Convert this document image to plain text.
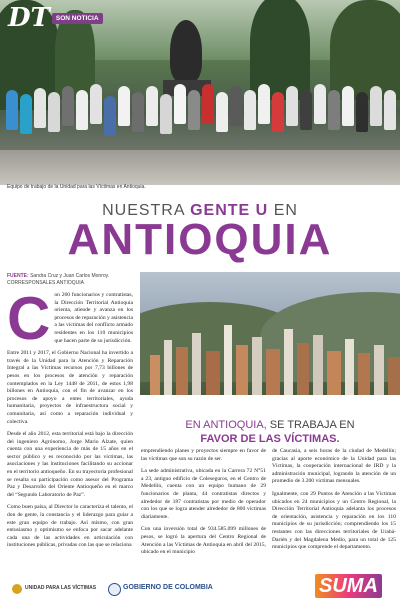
DT SON NOTICIA
Equipo de trabajo de la Unidad para las Víctimas en Antioquia.
NUESTRA GENTE U EN
ANTIOQUIA
FUENTE: Sandra Cruz y Juan Carlos Monroy.
CORRESPONSALES ANTIOQUIA
C on 260 funcionarios y contratistas, la Dirección Territorial Antioquia orienta, atiende y avanza en los procesos de reparación y asistencia a las víctimas del conflicto armado residentes en los 110 municipios que hacen parte de su jurisdicción.

Entre 2011 y 2017, el Gobierno Nacional ha invertido a través de la Unidad para la Atención y Reparación Integral a las Víctimas recursos por 7,73 billones de pesos en los procesos de atención y reparación contemplados en la Ley 1448 de 2011, de estos 1,98 billones en Antioquia, con el fin de avanzar en los procesos de apoyo a entes territoriales, ayuda humanitaria, proyectos de infraestructura social y comunitaria, así como a reparación individual y colectiva.

Desde el año 2012, esta territorial está bajo la dirección del ingeniero Agrónomo, Jorge Mario Alzate, quien cuenta con una experiencia de más de 15 años en el sector público y es reconocido por las víctimas, las asociaciones y las instituciones facilitando su accionar en el territorio antioqueño. En su trayectoria profesional se resalta su participación como asesor del Programa Paz y Desarrollo del Oriente Antioqueño en el marco del “Segundo Laboratorio de Paz”.

Como buen paisa, al Director lo caracteriza el talento, el don de gente, la constancia y el liderazgo para guiar a este gran equipo de trabajo. Así mismo, con gran entusiasmo y optimismo se enfoca por sacar adelante cada una de las actividades en articulación con instituciones públicas, privadas con las que se relaciona

EN ANTIOQUIA, SE TRABAJA EN
FAVOR DE LAS VÍCTIMAS.

emprendiendo planes y proyectos siempre en favor de las víctimas que son su razón de ser.

La sede administrativa, ubicada en la Carrera 72 N°51 a 23, antiguo edificio de Coleseguros, en el Centro de Medellín, cuenta con un equipo humano de 29 funcionarios de planta, 44 contratistas directos y alrededor de 187 contratistas por medio de operador con los que se logra atender alrededor de 800 víctimas diariamente.

Con una inversión total de 934.585.099 millones de pesos, se logró la apertura del Centro Regional de Atención a las Víctimas de Antioquia en abril del 2015, ubicado en el municipio

de Caucasia, a seis horas de la ciudad de Medellín; gracias al aporte económico de la Unidad para las Víctimas, la cooperación internacional de IRD y la administración municipal, logrando la atención de un promedio de 3.200 víctimas mensuales.

Igualmente, con 29 Puntos de Atención a las Víctimas ubicados en 24 municipios y un Centro Regional, la Dirección Territorial Antioquia adelanta los procesos de orientación, asistencia y reparación en los 110 municipios de su jurisdicción; comprendiendo los 15 restantes con las direcciones territoriales de Urabá-Darién y del Magdalena Medio, para un total de 125 municipios que comprende el departamento.

UNIDAD PARA LAS VÍCTIMAS	GOBIERNO DE COLOMBIA	SUMA
